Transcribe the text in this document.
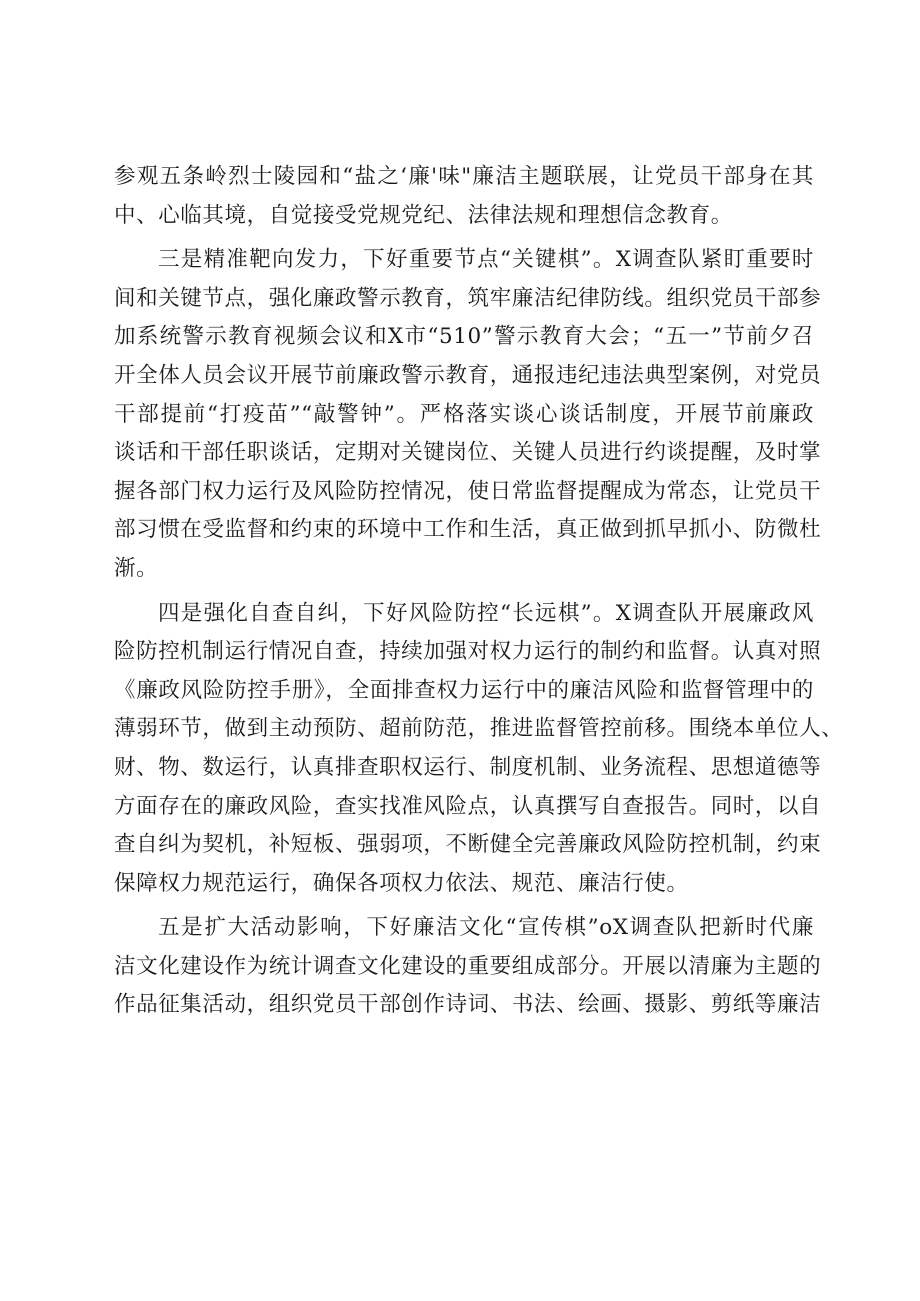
参观五条岭烈士陵园和“盐之‘廉'味"廉洁主题联展，让党员干部身在其
中、心临其境，自觉接受党规党纪、法律法规和理想信念教育。
三是精准靶向发力，下好重要节点“关键棋”。X调查队紧盯重要时
间和关键节点，强化廉政警示教育，筑牢廉洁纪律防线。组织党员干部参
加系统警示教育视频会议和X市“510”警示教育大会；“五一”节前夕召
开全体人员会议开展节前廉政警示教育，通报违纪违法典型案例，对党员
干部提前“打疫苗”“敲警钟”。严格落实谈心谈话制度，开展节前廉政
谈话和干部任职谈话，定期对关键岗位、关键人员进行约谈提醒，及时掌
握各部门权力运行及风险防控情况，使日常监督提醒成为常态，让党员干
部习惯在受监督和约束的环境中工作和生活，真正做到抓早抓小、防微杜
渐。
四是强化自查自纠，下好风险防控“长远棋”。X调查队开展廉政风
险防控机制运行情况自查，持续加强对权力运行的制约和监督。认真对照
《廉政风险防控手册》，全面排查权力运行中的廉洁风险和监督管理中的
薄弱环节，做到主动预防、超前防范，推进监督管控前移。围绕本单位人、
财、物、数运行，认真排查职权运行、制度机制、业务流程、思想道德等
方面存在的廉政风险，查实找准风险点，认真撰写自查报告。同时，以自
查自纠为契机，补短板、强弱项，不断健全完善廉政风险防控机制，约束
保障权力规范运行，确保各项权力依法、规范、廉洁行使。
五是扩大活动影响，下好廉洁文化“宣传棋”oX调查队把新时代廉
洁文化建设作为统计调查文化建设的重要组成部分。开展以清廉为主题的
作品征集活动，组织党员干部创作诗词、书法、绘画、摄影、剪纸等廉洁
